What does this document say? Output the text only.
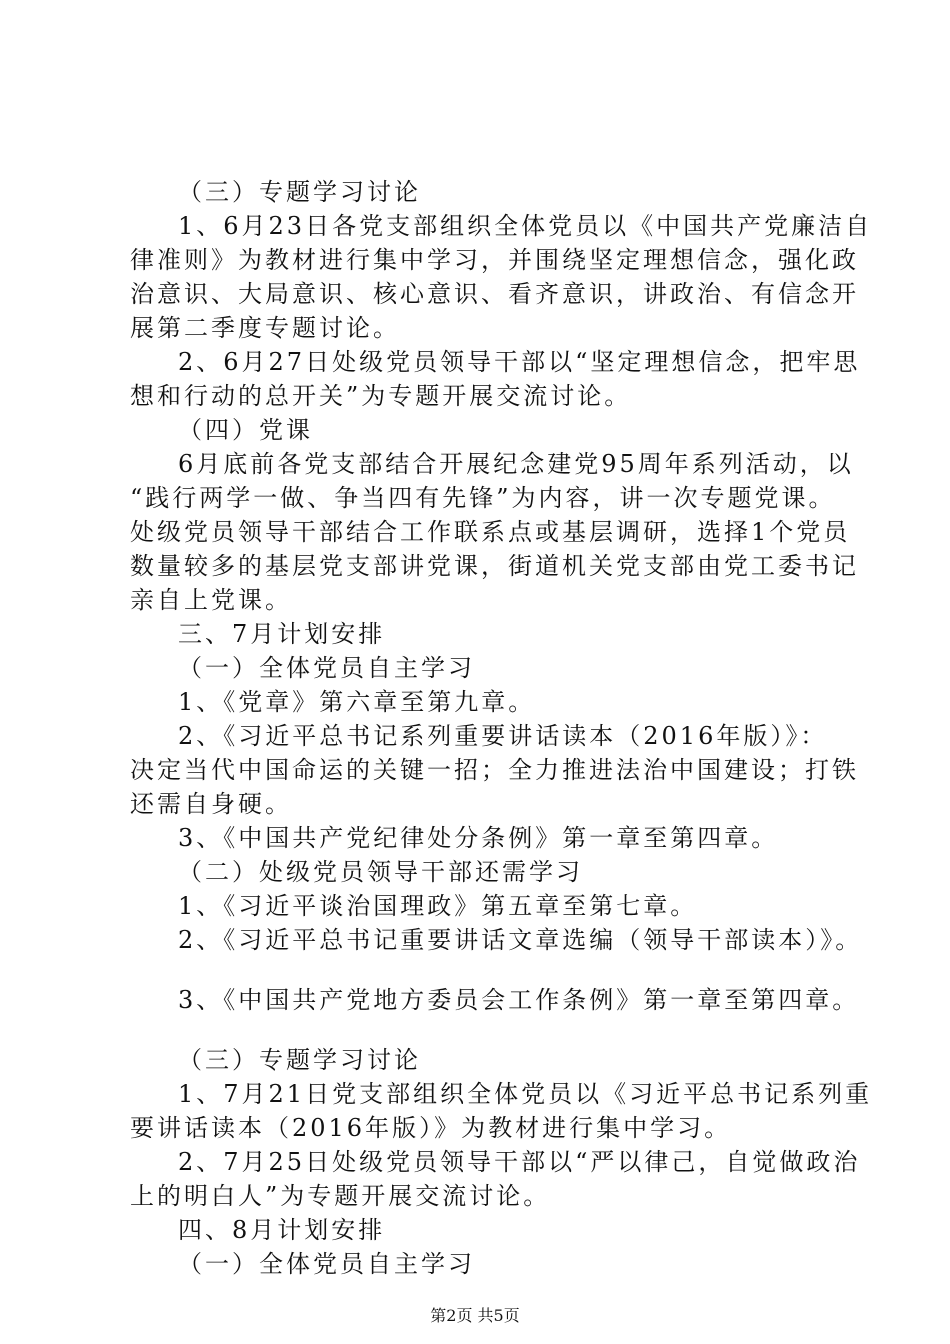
（三）专题学习讨论
1、6月23日各党支部组织全体党员以《中国共产党廉洁自
律准则》为教材进行集中学习，并围绕坚定理想信念，强化政
治意识、大局意识、核心意识、看齐意识，讲政治、有信念开
展第二季度专题讨论。
2、6月27日处级党员领导干部以“坚定理想信念，把牢思
想和行动的总开关”为专题开展交流讨论。
（四）党课
6月底前各党支部结合开展纪念建党95周年系列活动，以
“践行两学一做、争当四有先锋”为内容，讲一次专题党课。
处级党员领导干部结合工作联系点或基层调研，选择1个党员
数量较多的基层党支部讲党课，街道机关党支部由党工委书记
亲自上党课。
三、7月计划安排
（一）全体党员自主学习
1、《党章》第六章至第九章。
2、《习近平总书记系列重要讲话读本（2016年版）》：
决定当代中国命运的关键一招；全力推进法治中国建设；打铁
还需自身硬。
3、《中国共产党纪律处分条例》第一章至第四章。
（二）处级党员领导干部还需学习
1、《习近平谈治国理政》第五章至第七章。
2、《习近平总书记重要讲话文章选编（领导干部读本）》。
3、《中国共产党地方委员会工作条例》第一章至第四章。
（三）专题学习讨论
1、7月21日党支部组织全体党员以《习近平总书记系列重
要讲话读本（2016年版）》为教材进行集中学习。
2、7月25日处级党员领导干部以“严以律己，自觉做政治
上的明白人”为专题开展交流讨论。
四、8月计划安排
（一）全体党员自主学习
第2页 共5页
